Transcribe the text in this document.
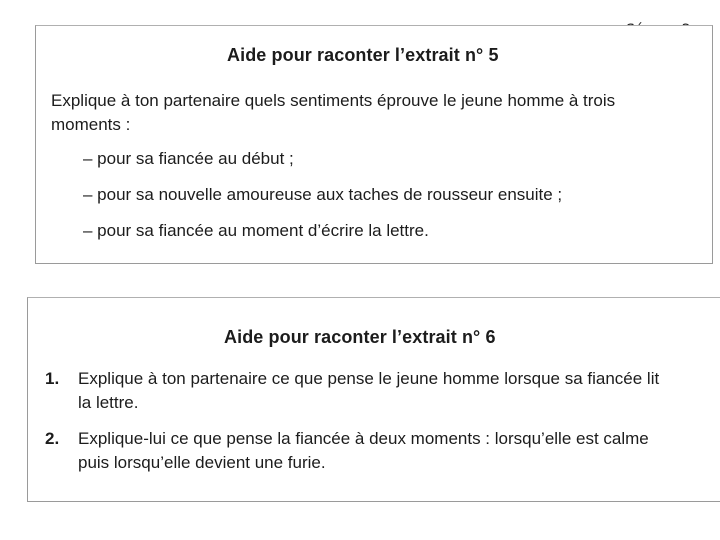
Aide pour raconter l’extrait n° 5
Explique à ton partenaire quels sentiments éprouve le jeune homme à trois moments :
– pour sa fiancée au début ;
– pour sa nouvelle amoureuse aux taches de rousseur ensuite ;
– pour sa fiancée au moment d’écrire la lettre.
Aide pour raconter l’extrait n° 6
1. Explique à ton partenaire ce que pense le jeune homme lorsque sa fiancée lit la lettre.
2. Explique-lui ce que pense la fiancée à deux moments : lorsqu’elle est calme puis lorsqu’elle devient une furie.
